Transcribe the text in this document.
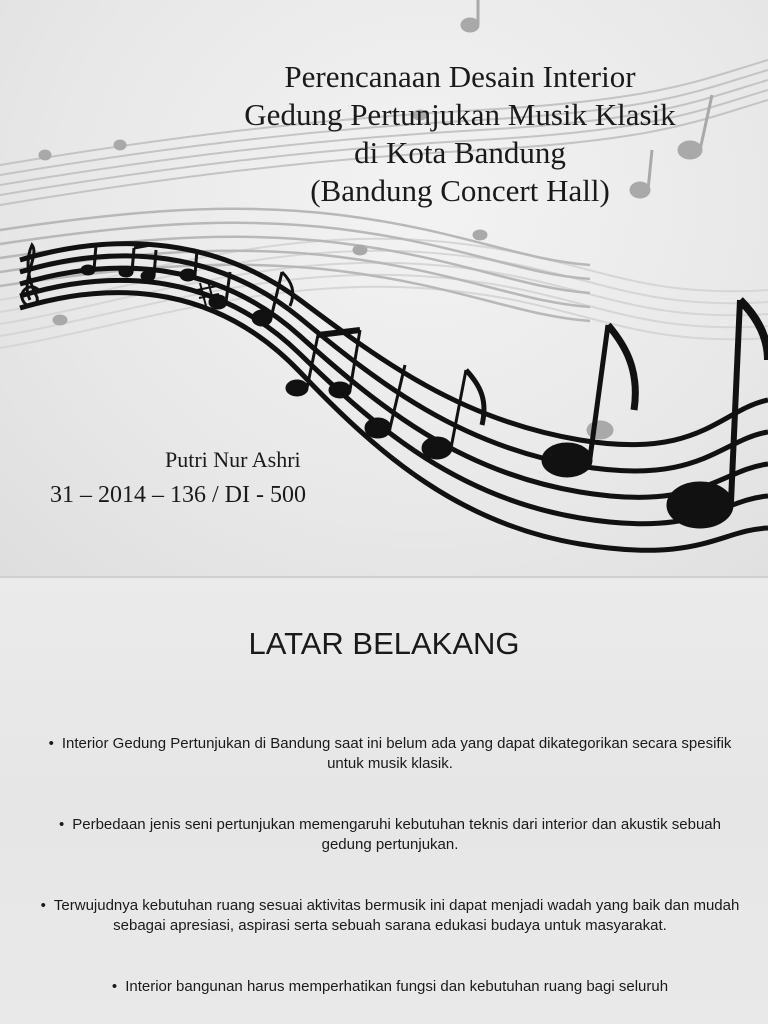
Perencanaan Desain Interior
Gedung Pertunjukan Musik Klasik
di Kota Bandung
(Bandung Concert Hall)
Putri Nur Ashri
31 – 2014 – 136 / DI - 500
LATAR BELAKANG
• Interior Gedung Pertunjukan di Bandung saat ini belum ada yang dapat dikategorikan secara spesifik untuk musik klasik.
• Perbedaan jenis seni pertunjukan memengaruhi kebutuhan teknis dari interior dan akustik sebuah gedung pertunjukan.
• Terwujudnya kebutuhan ruang sesuai aktivitas bermusik ini dapat menjadi wadah yang baik dan mudah sebagai apresiasi, aspirasi serta sebuah sarana edukasi budaya untuk masyarakat.
• Interior bangunan harus memperhatikan fungsi dan kebutuhan ruang bagi seluruh
